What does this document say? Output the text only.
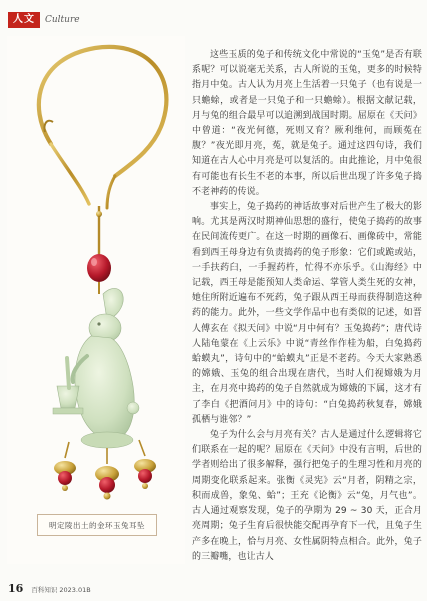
人文	Culture
明定陵出土的金环玉兔耳坠

这些玉质的兔子和传统文化中常说的“玉兔”是否有联系呢？可以说毫无关系，古人所说的玉兔，更多的时候特指月中兔。古人认为月亮上生活着一只兔子（也有说是一只蟾蜍，或者是一只兔子和一只蟾蜍）。根据文献记载，月与兔的组合最早可以追溯到战国时期。屈原在《天问》中曾道：“夜光何德，死则又育？厥利维何，而顾菟在腹？”夜光即月亮，菟，就是兔子。通过这四句诗，我们知道在古人心中月亮是可以复活的。由此推论，月中兔很有可能也有长生不老的本事，所以后世出现了许多兔子捣不老神药的传说。

事实上，兔子捣药的神话故事对后世产生了极大的影响。尤其是两汉时期神仙思想的盛行，使兔子捣药的故事在民间流传更广。在这一时期的画像石、画像砖中，常能看到西王母身边有负责捣药的兔子形象：它们或跪或站，一手扶药臼，一手握药杵，忙得不亦乐乎。《山海经》中记载，西王母是能预知人类命运、掌管人类生死的女神，她住所附近遍布不死药，兔子跟从西王母而获得制造这种药的能力。此外，一些文学作品中也有类似的记述，如晋人傅玄在《拟天问》中说“月中何有？玉兔捣药”；唐代诗人陆龟蒙在《上云乐》中说“青丝作作桂为船，白兔捣药蛤蟆丸”，诗句中的“蛤蟆丸”正是不老药。今天大家熟悉的嫦娥、玉兔的组合出现在唐代，当时人们视嫦娥为月主，在月亮中捣药的兔子自然就成为嫦娥的下属，这才有了李白《把酒问月》中的诗句：“白兔捣药秋复春，嫦娥孤栖与谁邻？”

兔子为什么会与月亮有关？古人是通过什么逻辑将它们联系在一起的呢？屈原在《天问》中没有言明，后世的学者则给出了很多解释，强行把兔子的生理习性和月亮的周期变化联系起来。张衡《灵宪》云“月者，阴精之宗，积而成兽，象兔、蛤”；王充《论衡》云“兔，月气也”。古人通过观察发现，兔子的孕期为 29 ~ 30 天，正合月亮周期；兔子生育后很快能交配再孕育下一代，且兔子生产多在晚上，恰与月亮、女性属阴特点相合。此外，兔子的三瓣嘴，也让古人

16 百科知识 2023.01B
